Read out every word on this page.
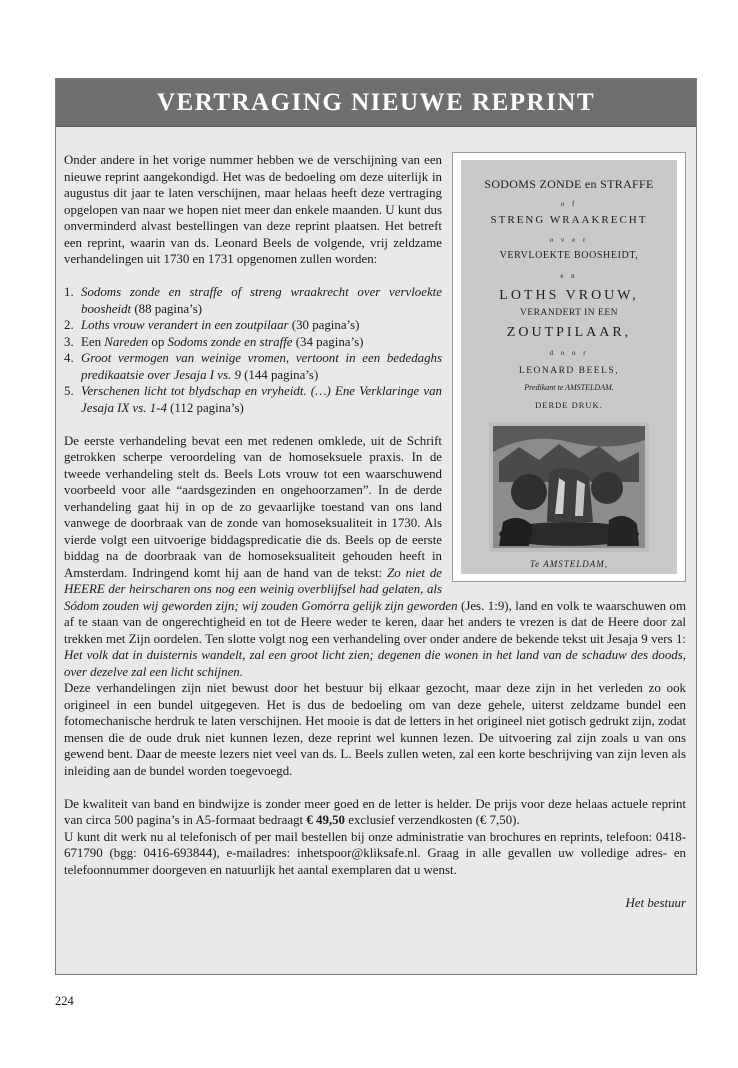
VERTRAGING NIEUWE REPRINT
SODOMS ZONDE en STRAFFE
o f
STRENG WRAAKRECHT
o v e r
VERVLOEKTE BOOSHEIDT,
e n
LOTHS VROUW,
VERANDERT IN EEN
ZOUTPILAAR,
d o o r
LEONARD BEELS,
Predikant te AMSTELDAM.
DERDE DRUK.
Te AMSTELDAM,

Onder andere in het vorige nummer hebben we de verschijning van een nieuwe reprint aangekondigd. Het was de bedoeling om deze uiterlijk in augustus dit jaar te laten verschijnen, maar helaas heeft deze vertraging opgelopen van naar we hopen niet meer dan enkele maanden. U kunt dus onverminderd alvast bestellingen van deze reprint plaatsen. Het betreft een reprint, waarin van ds. Leonard Beels de volgende, vrij zeldzame verhandelingen uit 1730 en 1731 opgenomen zullen worden:

1. Sodoms zonde en straffe of streng wraakrecht over vervloekte boosheidt (88 pagina’s)
2. Loths vrouw verandert in een zoutpilaar (30 pagina’s)
3. Een Nareden op Sodoms zonde en straffe (34 pagina’s)
4. Groot vermogen van weinige vromen, vertoont in een bededaghs predikaatsie over Jesaja I vs. 9 (144 pagina’s)
5. Verschenen licht tot blydschap en vryheidt. (…) Ene Verklaringe van Jesaja IX vs. 1-4 (112 pagina’s)

De eerste verhandeling bevat een met redenen omklede, uit de Schrift getrokken scherpe veroordeling van de homoseksuele praxis. In de tweede verhandeling stelt ds. Beels Lots vrouw tot een waarschuwend voorbeeld voor alle “aardsgezinden en ongehoorzamen”. In de derde verhandeling gaat hij in op de zo gevaarlijke toestand van ons land vanwege de doorbraak van de zonde van homoseksualiteit in 1730. Als vierde volgt een uitvoerige biddagspredicatie die ds. Beels op de eerste biddag na de doorbraak van de homoseksualiteit gehouden heeft in Amsterdam. Indringend komt hij aan de hand van de tekst: Zo niet de HEERE der heirscharen ons nog een weinig overblijfsel had gelaten, als Sódom zouden wij geworden zijn; wij zouden Gomórra gelijk zijn geworden (Jes. 1:9), land en volk te waarschuwen om af te staan van de ongerechtigheid en tot de Heere weder te keren, daar het anders te vrezen is dat de Heere door zal trekken met Zijn oordelen. Ten slotte volgt nog een verhandeling over onder andere de bekende tekst uit Jesaja 9 vers 1: Het volk dat in duisternis wandelt, zal een groot licht zien; degenen die wonen in het land van de schaduw des doods, over dezelve zal een licht schijnen.

Deze verhandelingen zijn niet bewust door het bestuur bij elkaar gezocht, maar deze zijn in het verleden zo ook origineel in een bundel uitgegeven. Het is dus de bedoeling om van deze gehele, uiterst zeldzame bundel een fotomechanische herdruk te laten verschijnen. Het mooie is dat de letters in het origineel niet gotisch gedrukt zijn, zodat mensen die de oude druk niet kunnen lezen, deze reprint wel kunnen lezen. De uitvoering zal zijn zoals u van ons gewend bent. Daar de meeste lezers niet veel van ds. L. Beels zullen weten, zal een korte beschrijving van zijn leven als inleiding aan de bundel worden toegevoegd.

De kwaliteit van band en bindwijze is zonder meer goed en de letter is helder. De prijs voor deze helaas actuele reprint van circa 500 pagina’s in A5-formaat bedraagt € 49,50 exclusief verzendkosten (€ 7,50).

U kunt dit werk nu al telefonisch of per mail bestellen bij onze administratie van brochures en reprints, telefoon: 0418-671790 (bgg: 0416-693844), e-mailadres: inhetspoor@kliksafe.nl. Graag in alle gevallen uw volledige adres- en telefoonnummer doorgeven en natuurlijk het aantal exemplaren dat u wenst.

Het bestuur

224
